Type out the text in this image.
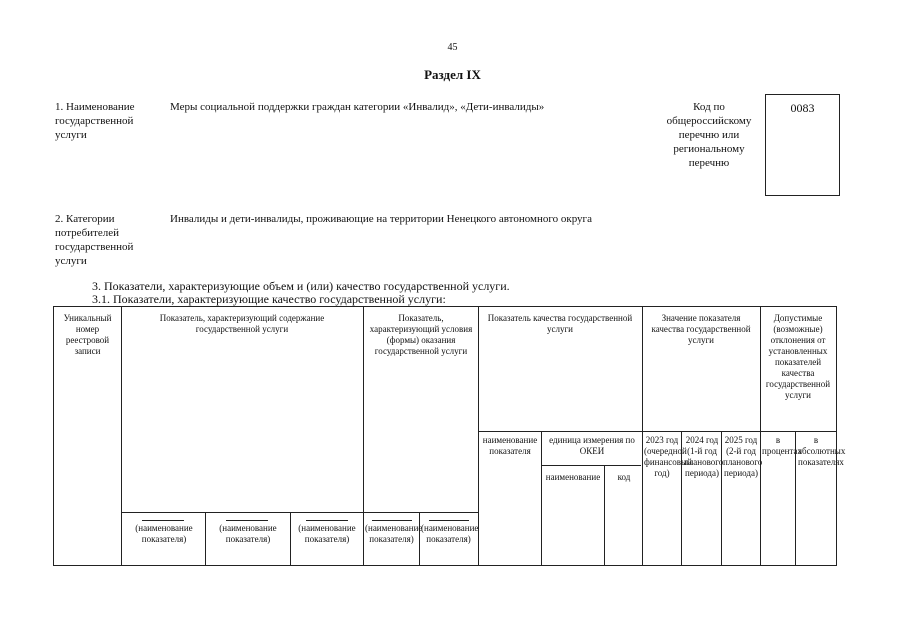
45
Раздел IX
1. Наименование государственной услуги
Меры социальной поддержки граждан категории «Инвалид», «Дети-инвалиды»	Код по общероссийскому перечню или региональному перечню
0083
2. Категории потребителей государственной услуги
Инвалиды и дети-инвалиды, проживающие на территории Ненецкого автономного округа
3. Показатели, характеризующие объем и (или) качество государственной услуги.
3.1. Показатели, характеризующие качество государственной услуги:
Уникальный номер реестровой записи
Показатель, характеризующий содержание государственной услуги
Показатель, характеризующий условия (формы) оказания государственной услуги
Показатель качества государственной услуги
Значение показателя качества государственной услуги
Допустимые (возможные) отклонения от установленных показателей качества государственной услуги
наименование показателя
единица измерения по ОКЕИ
наименование	код
2023 год (очередной финансовый год)
2024 год (1-й год планового периода)
2025 год (2-й год планового периода)
в процентах
в абсолютных показателях
(наименование показателя)
(наименование показателя)
(наименование показателя)
(наименование показателя)
(наименование показателя)
